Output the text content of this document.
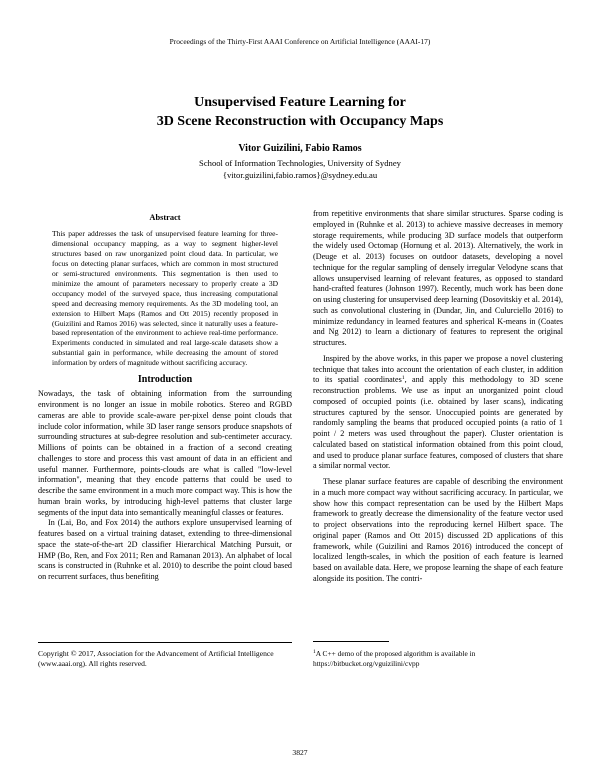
Proceedings of the Thirty-First AAAI Conference on Artificial Intelligence (AAAI-17)
Unsupervised Feature Learning for
3D Scene Reconstruction with Occupancy Maps
Vitor Guizilini, Fabio Ramos
School of Information Technologies, University of Sydney
{vitor.guizilini,fabio.ramos}@sydney.edu.au
Abstract

This paper addresses the task of unsupervised feature learning for three-dimensional occupancy mapping, as a way to segment higher-level structures based on raw unorganized point cloud data. In particular, we focus on detecting planar surfaces, which are common in most structured or semi-structured environments. This segmentation is then used to minimize the amount of parameters necessary to properly create a 3D occupancy model of the surveyed space, thus increasing computational speed and decreasing memory requirements. As the 3D modeling tool, an extension to Hilbert Maps (Ramos and Ott 2015) recently proposed in (Guizilini and Ramos 2016) was selected, since it naturally uses a feature-based representation of the environment to achieve real-time performance. Experiments conducted in simulated and real large-scale datasets show a substantial gain in performance, while decreasing the amount of stored information by orders of magnitude without sacrificing accuracy.

Introduction

Nowadays, the task of obtaining information from the surrounding environment is no longer an issue in mobile robotics. Stereo and RGBD cameras are able to provide scale-aware per-pixel dense point clouds that include color information, while 3D laser range sensors produce snapshots of surrounding structures at sub-degree resolution and sub-centimeter accuracy. Millions of points can be obtained in a fraction of a second creating challenges to store and process this vast amount of data in an efficient and useful manner. Furthermore, points-clouds are what is called "low-level information", meaning that they encode patterns that could be used to describe the same environment in a much more compact way. This is how the human brain works, by introducing high-level patterns that cluster large segments of the input data into semantically meaningful classes or features.

In (Lai, Bo, and Fox 2014) the authors explore unsupervised learning of features based on a virtual training dataset, extending to three-dimensional space the state-of-the-art 2D classifier Hierarchical Matching Pursuit, or HMP (Bo, Ren, and Fox 2011; Ren and Ramanan 2013). An alphabet of local scans is constructed in (Ruhnke et al. 2010) to describe the point cloud based on recurrent surfaces, thus benefiting

from repetitive environments that share similar structures. Sparse coding is employed in (Ruhnke et al. 2013) to achieve massive decreases in memory storage requirements, while producing 3D surface models that outperform the widely used Octomap (Hornung et al. 2013). Alternatively, the work in (Deuge et al. 2013) focuses on outdoor datasets, developing a novel technique for the regular sampling of densely irregular Velodyne scans that allows unsupervised learning of relevant features, as opposed to standard hand-crafted features (Johnson 1997). Recently, much work has been done on using clustering for unsupervised deep learning (Dosovitskiy et al. 2014), such as convolutional clustering in (Dundar, Jin, and Culurciello 2016) to minimize redundancy in learned features and spherical K-means in (Coates and Ng 2012) to learn a dictionary of features to represent the original structures.

Inspired by the above works, in this paper we propose a novel clustering technique that takes into account the orientation of each cluster, in addition to its spatial coordinates$^1$, and apply this methodology to 3D scene reconstruction problems. We use as input an unorganized point cloud composed of occupied points (i.e. obtained by laser scans), indicating structures captured by the sensor. Unoccupied points are generated by randomly sampling the beams that produced occupied points (a ratio of 1 point / 2 meters was used throughout the paper). Cluster orientation is calculated based on statistical information obtained from this point cloud, and used to produce planar surface features, composed of clusters that share a similar normal vector.

These planar surface features are capable of describing the environment in a much more compact way without sacrificing accuracy. In particular, we show how this compact representation can be used by the Hilbert Maps framework to greatly decrease the dimensionality of the feature vector used to project observations into the reproducing kernel Hilbert space. The original paper (Ramos and Ott 2015) discussed 2D applications of this framework, while (Guizilini and Ramos 2016) introduced the concept of localized length-scales, in which the position of each feature is learned based on available data. Here, we propose learning the shape of each feature alongside its position. The contri-

Copyright © 2017, Association for the Advancement of Artificial Intelligence (www.aaai.org). All rights reserved.
$^1$A C++ demo of the proposed algorithm is available in https://bitbucket.org/vguizilini/cvpp
3827
